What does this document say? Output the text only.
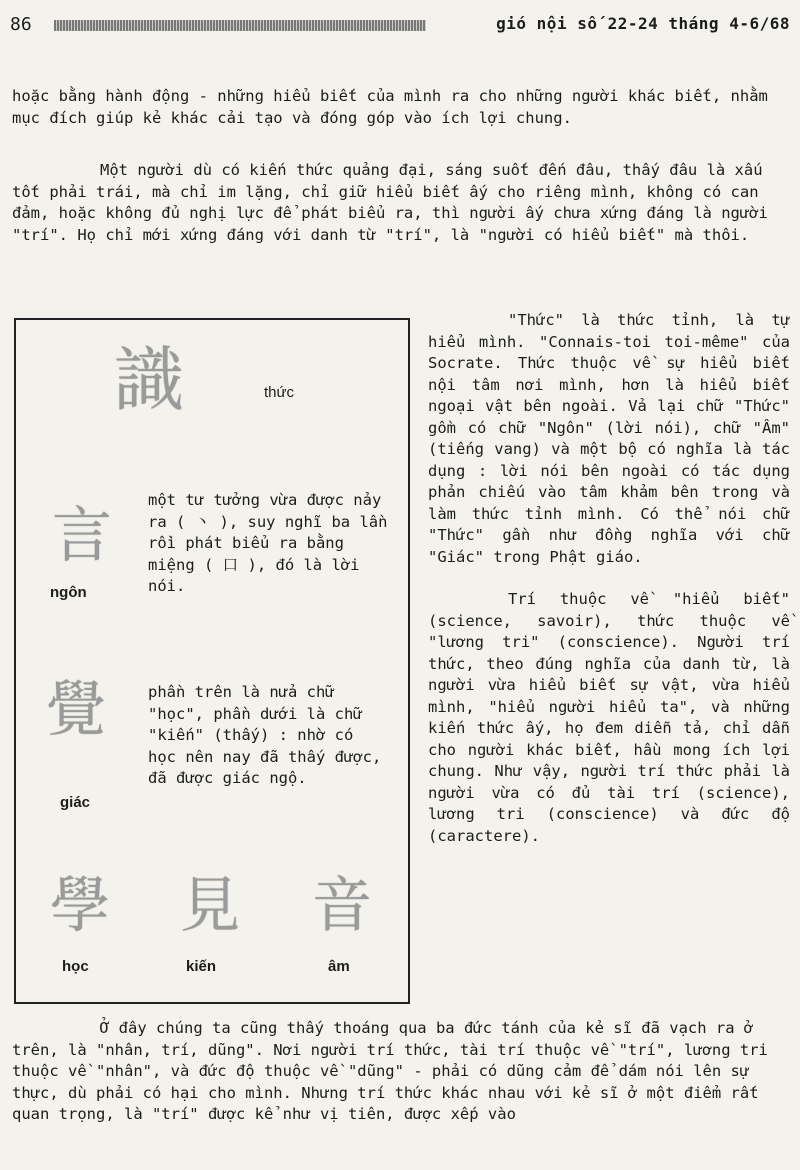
86	gió nội số 22-24 tháng 4-6/68

hoặc bằng hành động - những hiểu biết của mình ra cho những người khác biết, nhằm mục đích giúp kẻ khác cải tạo và đóng góp vào ích lợi chung.

Một người dù có kiến thức quảng đại, sáng suốt đến đâu, thấy đâu là xấu tốt phải trái, mà chỉ im lặng, chỉ giữ hiểu biết ấy cho riêng mình, không có can đảm, hoặc không đủ nghị lực để phát biểu ra, thì người ấy chưa xứng đáng là người "trí". Họ chỉ mới xứng đáng với danh từ "trí", là "người có hiểu biết" mà thôi.

識	thức
言
ngôn

một tư tưởng vừa được nảy ra ( ⼂ ), suy nghĩ ba lần rồi phát biểu ra bằng miệng ( 口 ), đó là lời nói.

覺
giác

phần trên là nửa chữ "học", phần dưới là chữ "kiến" (thấy) : nhờ có học nên nay đã thấy được, đã được giác ngộ.

學
học
見
kiến
音
âm

"Thức" là thức tỉnh, là tự hiểu mình. "Connais-toi toi-même" của Socrate. Thức thuộc về sự hiểu biết nội tâm nơi mình, hơn là hiểu biết ngoại vật bên ngoài. Vả lại chữ "Thức" gồm có chữ "Ngôn" (lời nói), chữ "Âm" (tiếng vang) và một bộ có nghĩa là tác dụng : lời nói bên ngoài có tác dụng phản chiếu vào tâm khảm bên trong và làm thức tỉnh mình. Có thể nói chữ "Thức" gần như đồng nghĩa với chữ "Giác" trong Phật giáo.

Trí thuộc về "hiểu biết" (science, savoir), thức thuộc về "lương tri" (conscience). Người trí thức, theo đúng nghĩa của danh từ, là người vừa hiểu biết sự vật, vừa hiểu mình, "hiểu người hiểu ta", và những kiến thức ấy, họ đem diễn tả, chỉ dẫn cho người khác biết, hầu mong ích lợi chung. Như vậy, người trí thức phải là người vừa có đủ tài trí (science), lương tri (conscience) và đức độ (caractere).

Ở đây chúng ta cũng thấy thoáng qua ba đức tánh của kẻ sĩ đã vạch ra ở trên, là "nhân, trí, dũng". Nơi người trí thức, tài trí thuộc về "trí", lương tri thuộc về "nhân", và đức độ thuộc về "dũng" - phải có dũng cảm để dám nói lên sự thực, dù phải có hại cho mình. Nhưng trí thức khác nhau với kẻ sĩ ở một điểm rất quan trọng, là "trí" được kể như vị tiên, được xếp vào
